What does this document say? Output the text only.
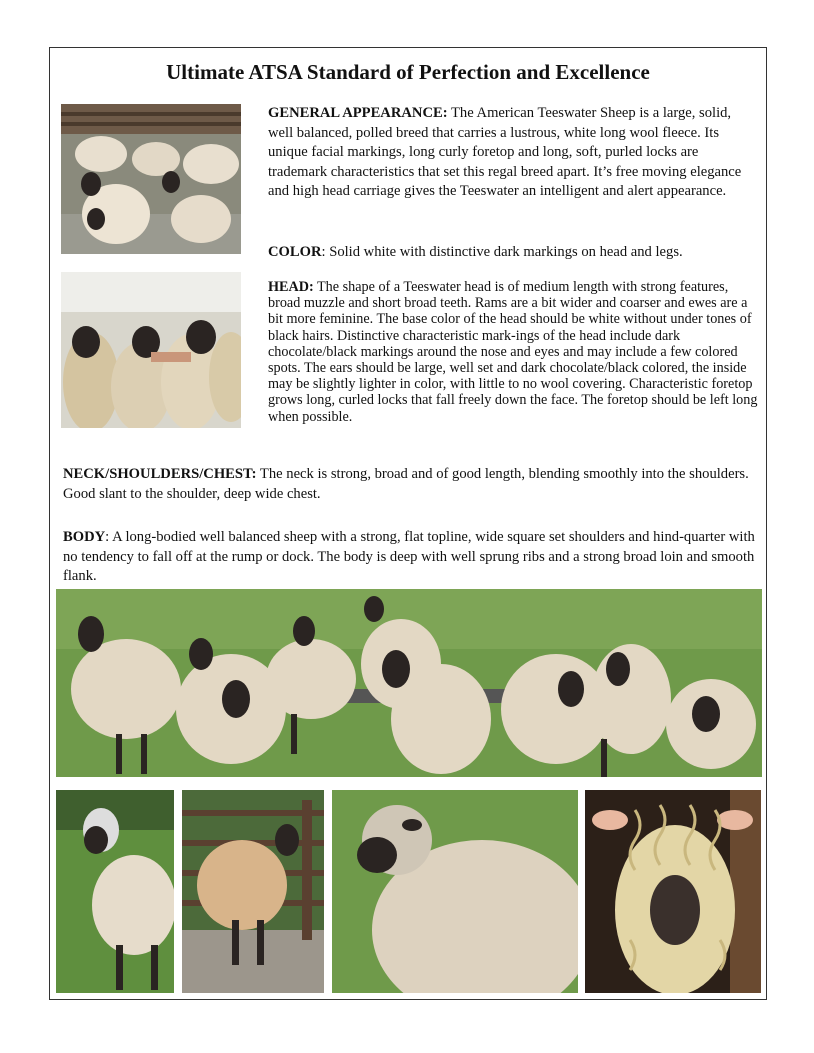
Ultimate ATSA Standard of Perfection and Excellence

GENERAL APPEARANCE: The American Teeswater Sheep is a large, solid, well balanced, polled breed that carries a lustrous, white long wool fleece. Its unique facial markings, long curly foretop and long, soft, purled locks are trademark characteristics that set this regal breed apart. It’s free moving elegance and high head carriage gives the Teeswater an intelligent and alert appearance.

COLOR: Solid white with distinctive dark markings on head and legs.

HEAD: The shape of a Teeswater head is of medium length with strong features, broad muzzle and short broad teeth. Rams are a bit wider and coarser and ewes are a bit more feminine. The base color of the head should be white without under tones of black hairs. Distinctive characteristic mark-ings of the head include dark chocolate/black markings around the nose and eyes and may include a few colored spots. The ears should be large, well set and dark chocolate/black colored, the inside may be slightly lighter in color, with little to no wool covering. Characteristic foretop grows long, curled locks that fall freely down the face. The foretop should be left long when possible.

NECK/SHOULDERS/CHEST: The neck is strong, broad and of good length, blending smoothly into the shoulders. Good slant to the shoulder, deep wide chest.

BODY: A long-bodied well balanced sheep with a strong, flat topline, wide square set shoulders and hind-quarter with no tendency to fall off at the rump or dock. The body is deep with well sprung ribs and a strong broad loin and smooth flank.
